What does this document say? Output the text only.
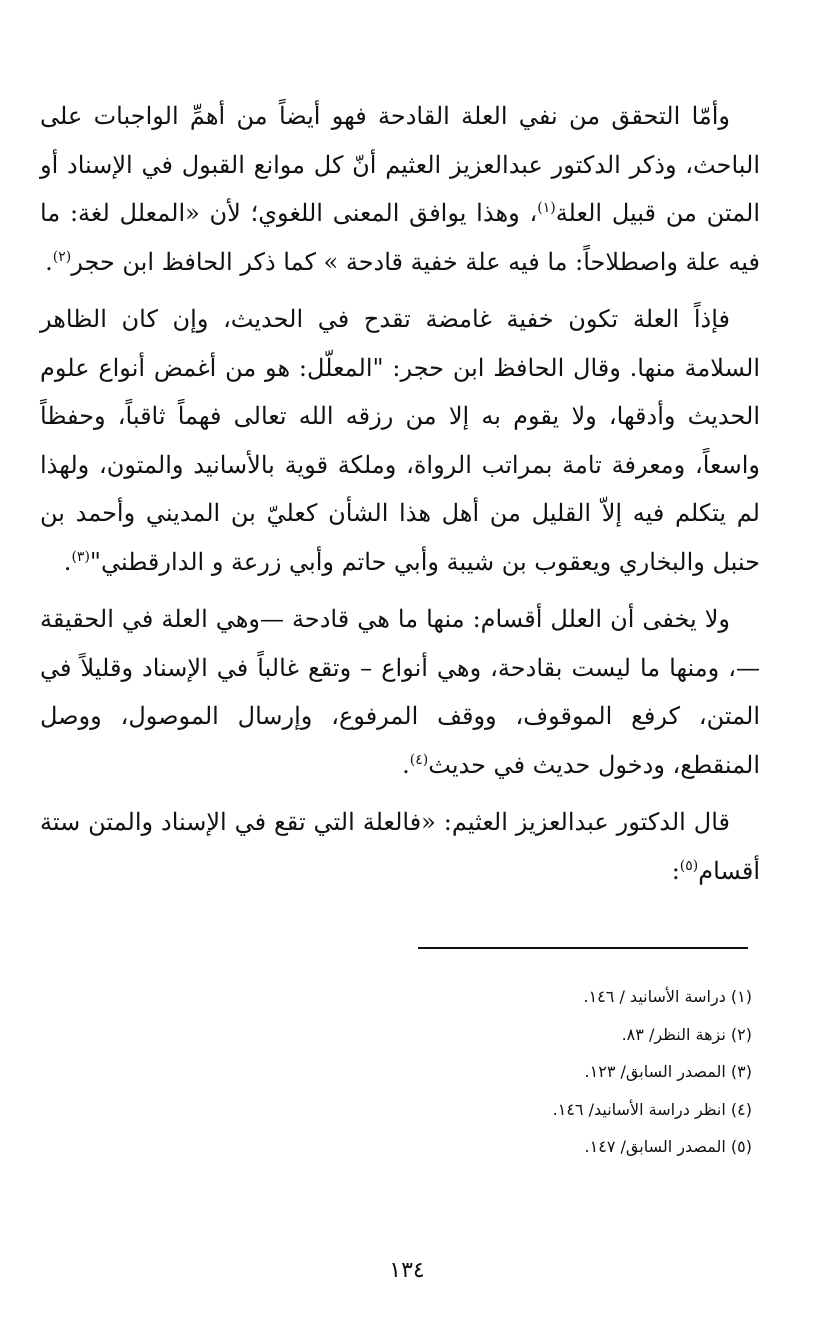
وأمّا التحقق من نفي العلة القادحة فهو أيضاً من أهمِّ الواجبات على الباحث، وذكر الدكتور عبدالعزيز العثيم أنّ كل موانع القبول في الإسناد أو المتن من قبيل العلة$^{(١)}$، وهذا يوافق المعنى اللغوي؛ لأن «المعلل لغة: ما فيه علة واصطلاحاً: ما فيه علة خفية قادحة » كما ذكر الحافظ ابن حجر$^{(٢)}$.

فإذاً العلة تكون خفية غامضة تقدح في الحديث، وإن كان الظاهر السلامة منها. وقال الحافظ ابن حجر: "المعلّل: هو من أغمض أنواع علوم الحديث وأدقها، ولا يقوم به إلا من رزقه الله تعالى فهماً ثاقباً، وحفظاً واسعاً، ومعرفة تامة بمراتب الرواة، وملكة قوية بالأسانيد والمتون، ولهذا لم يتكلم فيه إلاّ القليل من أهل هذا الشأن كعليّ بن المديني وأحمد بن حنبل والبخاري ويعقوب بن شيبة وأبي حاتم وأبي زرعة و الدارقطني"$^{(٣)}$.

ولا يخفى أن العلل أقسام: منها ما هي قادحة —وهي العلة في الحقيقة—، ومنها ما ليست بقادحة، وهي أنواع – وتقع غالباً في الإسناد وقليلاً في المتن، كرفع الموقوف، ووقف المرفوع، وإرسال الموصول، ووصل المنقطع، ودخول حديث في حديث$^{(٤)}$.

قال الدكتور عبدالعزيز العثيم: «فالعلة التي تقع في الإسناد والمتن ستة أقسام$^{(٥)}$:

(١) دراسة الأسانيد / ١٤٦.
(٢) نزهة النظر/ ٨٣.
(٣) المصدر السابق/ ١٢٣.
(٤) انظر دراسة الأسانيد/ ١٤٦.
(٥) المصدر السابق/ ١٤٧.
١٣٤
